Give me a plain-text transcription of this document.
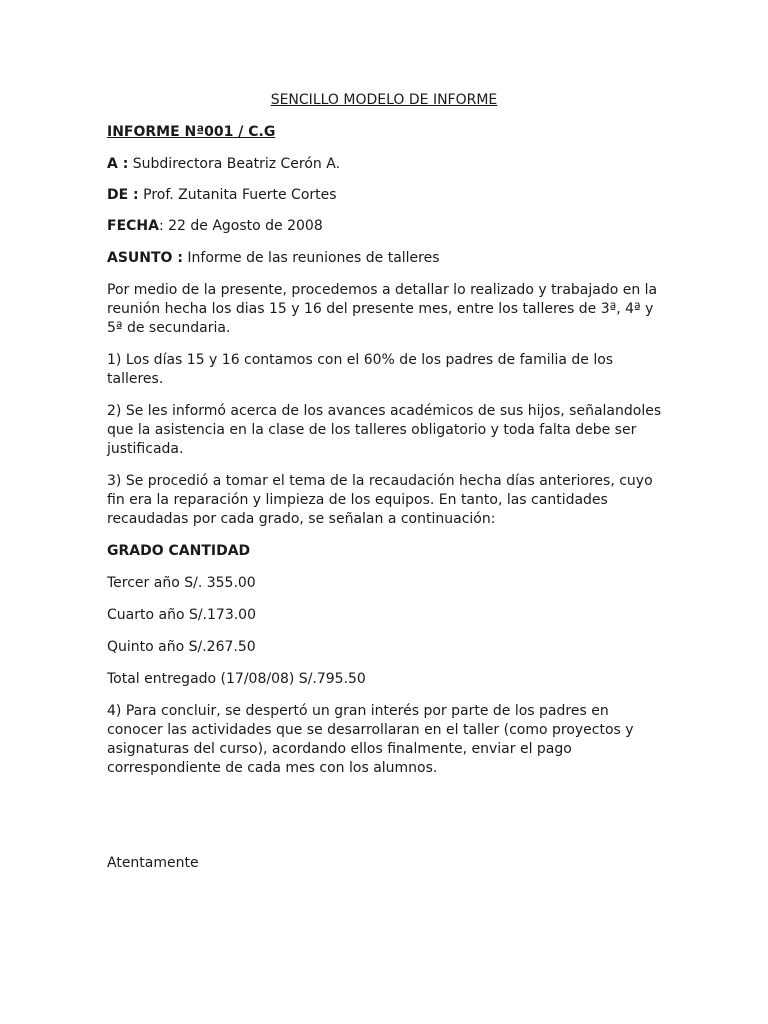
SENCILLO MODELO DE INFORME
INFORME Nª001 / C.G
A : Subdirectora Beatriz Cerón A.
DE : Prof. Zutanita Fuerte Cortes
FECHA: 22 de Agosto de 2008
ASUNTO : Informe de las reuniones de talleres
Por medio de la presente, procedemos a detallar lo realizado y trabajado en la reunión hecha los dias 15 y 16 del presente mes, entre los talleres de 3ª, 4ª y 5ª de secundaria.
1) Los días 15 y 16 contamos con el 60% de los padres de familia de los talleres.
2) Se les informó acerca de los avances académicos de sus hijos, señalandoles que la asistencia en la clase de los talleres obligatorio y toda falta debe ser justificada.
3) Se procedió a tomar el tema de la recaudación hecha días anteriores, cuyo fin era la reparación y limpieza de los equipos. En tanto, las cantidades recaudadas por cada grado, se señalan a continuación:
GRADO CANTIDAD
Tercer año S/. 355.00
Cuarto año S/.173.00
Quinto año S/.267.50
Total entregado (17/08/08) S/.795.50
4) Para concluir, se despertó un gran interés por parte de los padres en conocer las actividades que se desarrollaran en el taller (como proyectos y asignaturas del curso), acordando ellos finalmente, enviar el pago correspondiente de cada mes con los alumnos.
Atentamente
